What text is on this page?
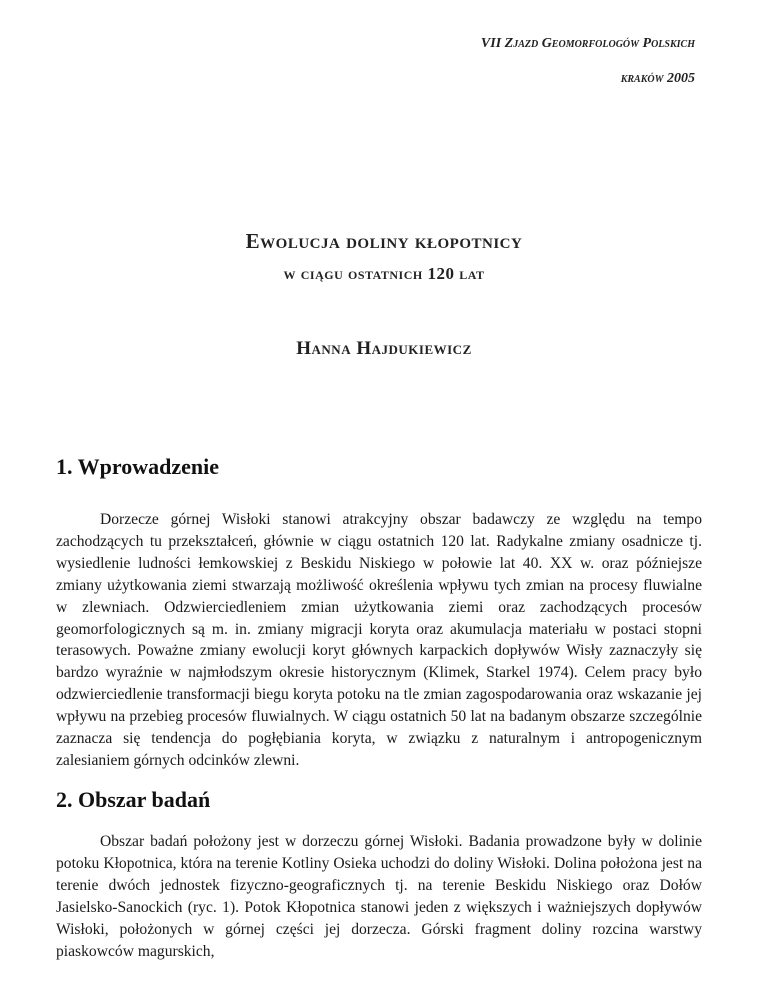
VII Zjazd Geomorfologów Polskich
kraków 2005
Ewolucja doliny kłopotnicy
w ciągu ostatnich 120 lat
Hanna Hajdukiewicz
1. Wprowadzenie

Dorzecze górnej Wisłoki stanowi atrakcyjny obszar badawczy ze względu na tempo zachodzących tu przekształceń, głównie w ciągu ostatnich 120 lat. Radykalne zmiany osadnicze tj. wysiedlenie ludności łemkowskiej z Beskidu Niskiego w połowie lat 40. XX w. oraz późniejsze zmiany użytkowania ziemi stwarzają możliwość określenia wpływu tych zmian na procesy fluwialne w zlewniach. Odzwierciedleniem zmian użytkowania ziemi oraz zachodzących procesów geomorfologicznych są m. in. zmiany migracji koryta oraz akumulacja materiału w postaci stopni terasowych. Poważne zmiany ewolucji koryt głównych karpackich dopływów Wisły zaznaczyły się bardzo wyraźnie w najmłodszym okresie historycznym (Klimek, Starkel 1974). Celem pracy było odzwierciedlenie transformacji biegu koryta potoku na tle zmian zagospodarowania oraz wskazanie jej wpływu na przebieg procesów fluwialnych. W ciągu ostatnich 50 lat na badanym obszarze szczególnie zaznacza się tendencja do pogłębiania koryta, w związku z naturalnym i antropogenicznym zalesianiem górnych odcinków zlewni.

2. Obszar badań

Obszar badań położony jest w dorzeczu górnej Wisłoki. Badania prowadzone były w dolinie potoku Kłopotnica, która na terenie Kotliny Osieka uchodzi do doliny Wisłoki. Dolina położona jest na terenie dwóch jednostek fizyczno-geograficznych tj. na terenie Beskidu Niskiego oraz Dołów Jasielsko-Sanockich (ryc. 1). Potok Kłopotnica stanowi jeden z większych i ważniejszych dopływów Wisłoki, położonych w górnej części jej dorzecza. Górski fragment doliny rozcina warstwy piaskowców magurskich,
